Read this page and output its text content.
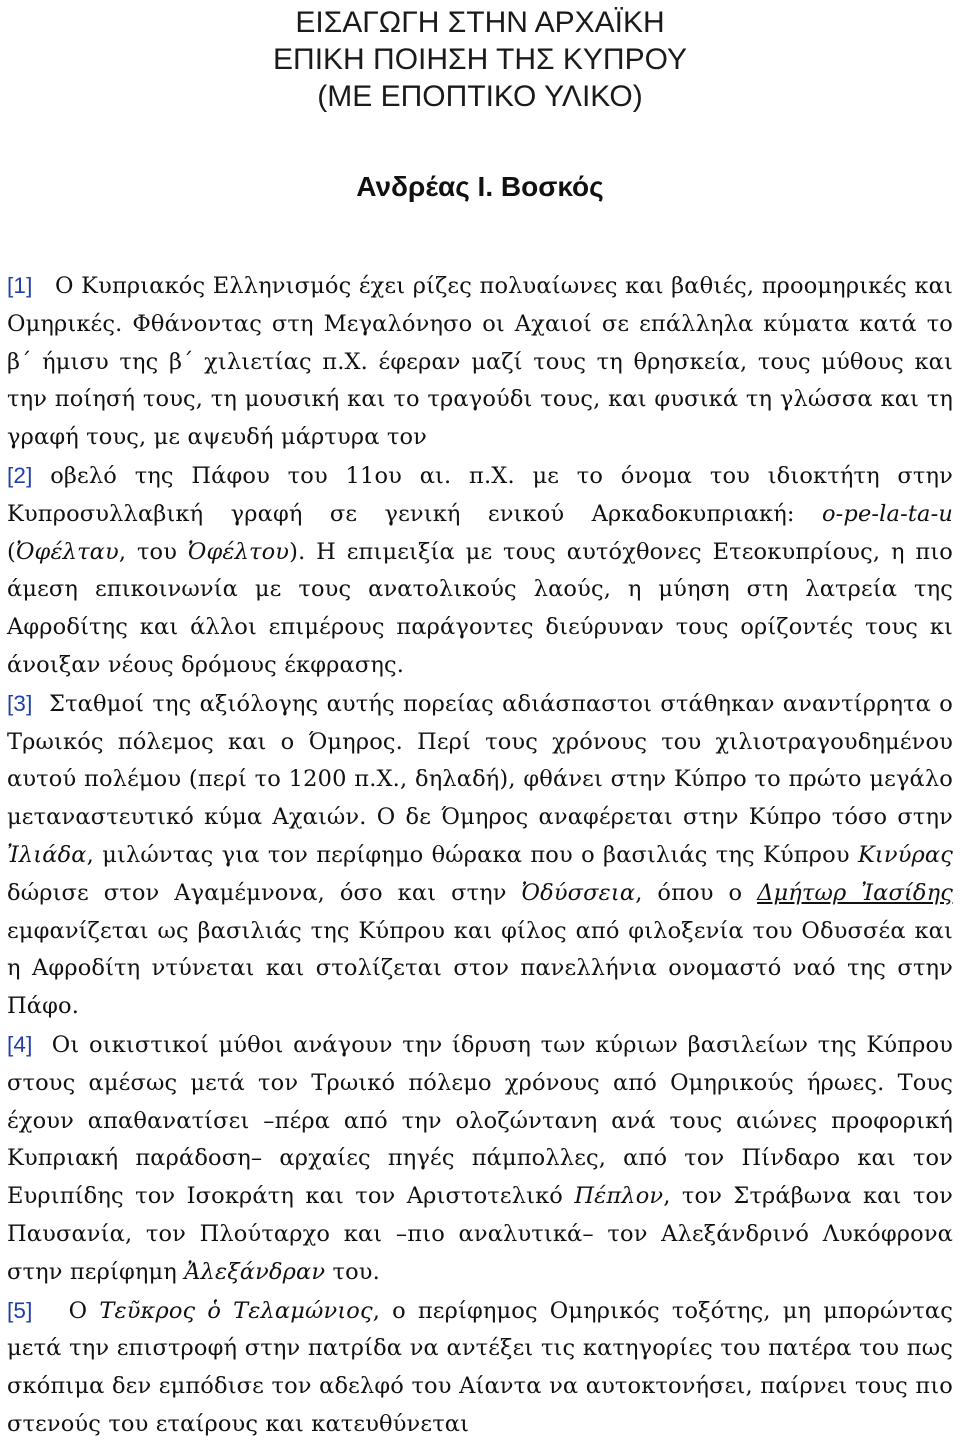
ΕΙΣΑΓΩΓΗ ΣΤΗΝ ΑΡΧΑΪΚΗ
ΕΠΙΚΗ ΠΟΙΗΣΗ ΤΗΣ ΚΥΠΡΟΥ
(ΜΕ ΕΠΟΠΤΙΚΟ ΥΛΙΚΟ)
Ανδρέας Ι. Βοσκός

[1] Ο Κυπριακός Ελληνισμός έχει ρίζες πολυαίωνες και βαθιές, προομηρικές και Ομηρικές. Φθάνοντας στη Μεγαλόνησο οι Αχαιοί σε επάλληλα κύματα κατά το β΄ ήμισυ της β΄ χιλιετίας π.Χ. έφεραν μαζί τους τη θρησκεία, τους μύθους και την ποίησή τους, τη μουσική και το τραγούδι τους, και φυσικά τη γλώσσα και τη γραφή τους, με αψευδή μάρτυρα τον

[2] οβελό της Πάφου του 11ου αι. π.Χ. με το όνομα του ιδιοκτήτη στην Κυπροσυλλαβική γραφή σε γενική ενικού Αρκαδοκυπριακή: o-pe-la-ta-u (Ὀφέλταυ, του Ὀφέλτου). Η επιμειξία με τους αυτόχθονες Ετεοκυπρίους, η πιο άμεση επικοινωνία με τους ανατολικούς λαούς, η μύηση στη λατρεία της Αφροδίτης και άλλοι επιμέρους παράγοντες διεύρυναν τους ορίζοντές τους κι άνοιξαν νέους δρόμους έκφρασης.

[3] Σταθμοί της αξιόλογης αυτής πορείας αδιάσπαστοι στάθηκαν αναντίρρητα ο Τρωικός πόλεμος και ο Όμηρος. Περί τους χρόνους του χιλιοτραγουδημένου αυτού πολέμου (περί το 1200 π.Χ., δηλαδή), φθάνει στην Κύπρο το πρώτο μεγάλο μεταναστευτικό κύμα Αχαιών. Ο δε Όμηρος αναφέρεται στην Κύπρο τόσο στην Ἰλιάδα, μιλώντας για τον περίφημο θώρακα που ο βασιλιάς της Κύπρου Κινύρας δώρισε στον Αγαμέμνονα, όσο και στην Ὀδύσσεια, όπου ο Δμήτωρ Ἰασίδης εμφανίζεται ως βασιλιάς της Κύπρου και φίλος από φιλοξενία του Οδυσσέα και η Αφροδίτη ντύνεται και στολίζεται στον πανελλήνια ονομαστό ναό της στην Πάφο.

[4] Οι οικιστικοί μύθοι ανάγουν την ίδρυση των κύριων βασιλείων της Κύπρου στους αμέσως μετά τον Τρωικό πόλεμο χρόνους από Ομηρικούς ήρωες. Τους έχουν απαθανατίσει –πέρα από την ολοζώντανη ανά τους αιώνες προφορική Κυπριακή παράδοση– αρχαίες πηγές πάμπολλες, από τον Πίνδαρο και τον Ευριπίδης τον Ισοκράτη και τον Αριστοτελικό Πέπλον, τον Στράβωνα και τον Παυσανία, τον Πλούταρχο και –πιο αναλυτικά– τον Αλεξάνδρινό Λυκόφρονα στην περίφημη Ἀλεξάνδραν του.

[5] Ο Τεῦκρος ὁ Τελαμώνιος, ο περίφημος Ομηρικός τοξότης, μη μπορώντας μετά την επιστροφή στην πατρίδα να αντέξει τις κατηγορίες του πατέρα του πως σκόπιμα δεν εμπόδισε τον αδελφό του Αίαντα να αυτοκτονήσει, παίρνει τους πιο στενούς του εταίρους και κατευθύνεται
